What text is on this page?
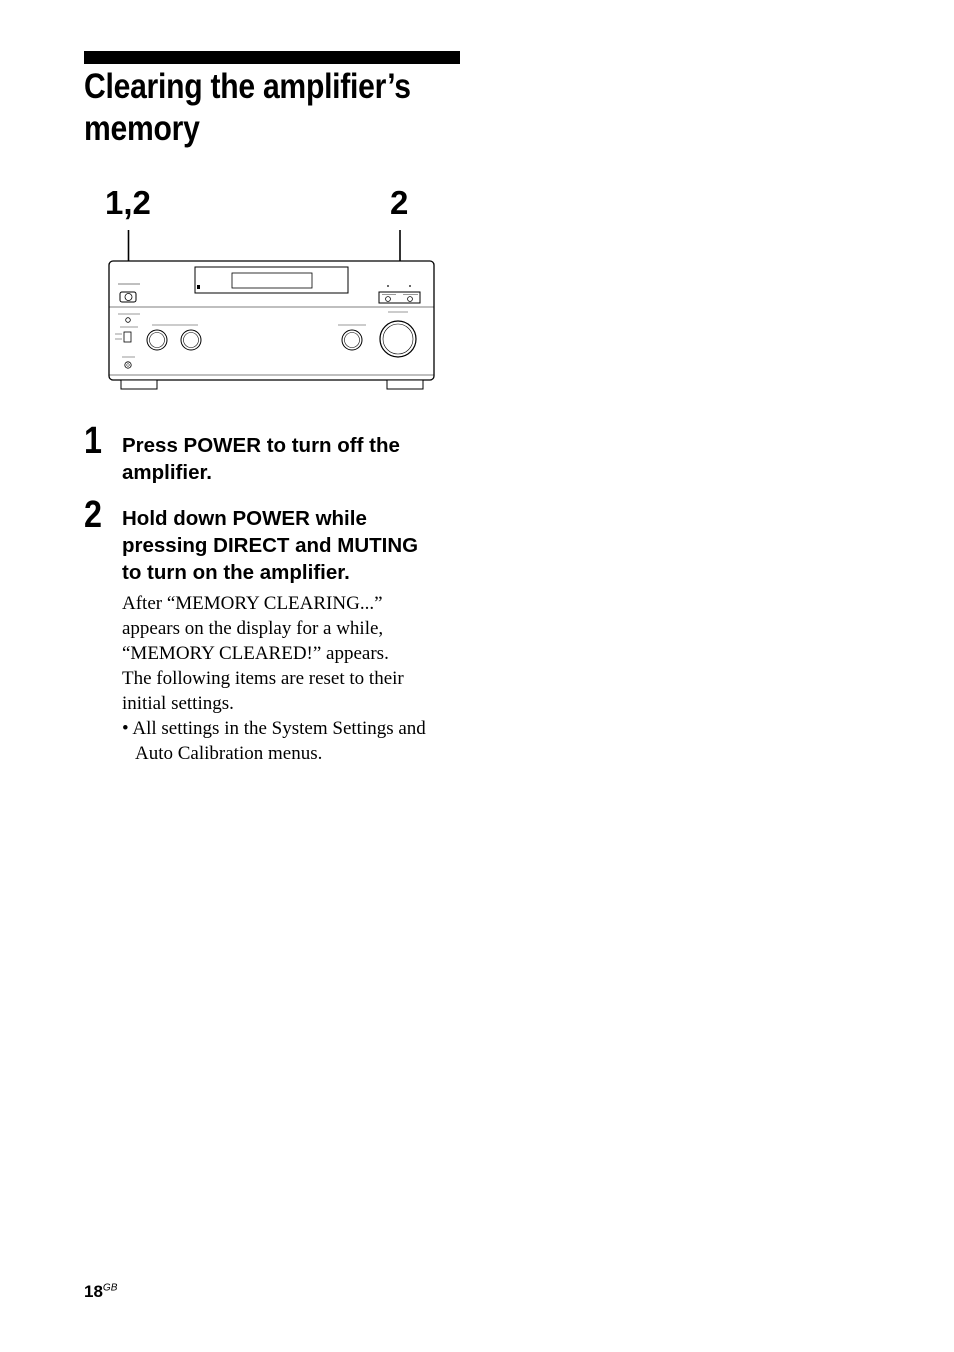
Clearing the amplifier’s
memory
1,2	2
1 Press POWER to turn off the
amplifier.
2 Hold down POWER while
pressing DIRECT and MUTING
to turn on the amplifier.

After “MEMORY CLEARING...”

appears on the display for a while,

“MEMORY CLEARED!” appears.

The following items are reset to their

initial settings.

• All settings in the System Settings and
Auto Calibration menus.

$18^{GB}$
